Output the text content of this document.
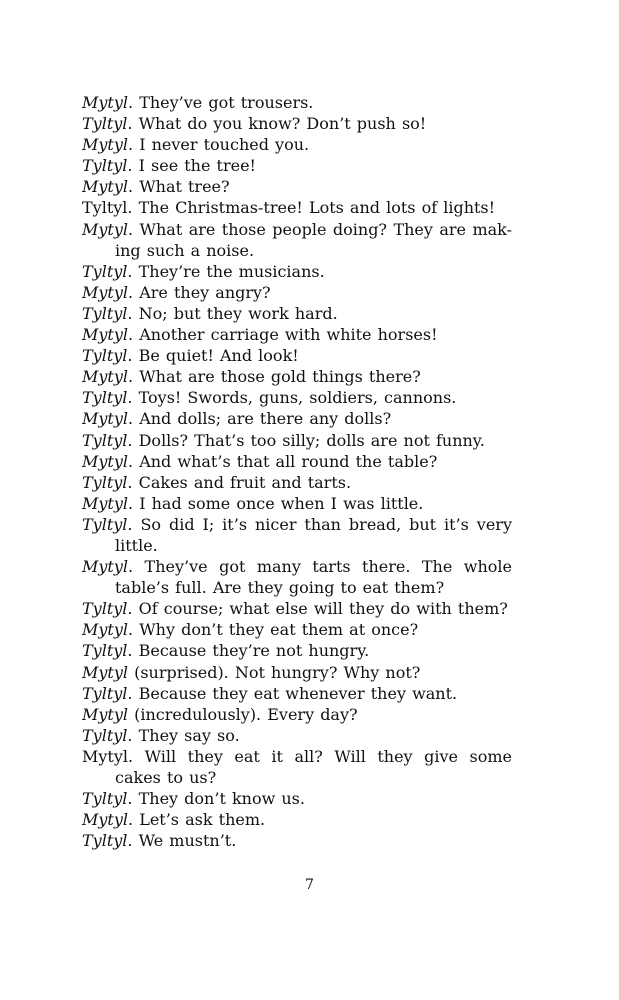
Mytyl. They’ve got trousers.
Tyltyl. What do you know? Don’t push so!
Mytyl. I never touched you.
Tyltyl. I see the tree!
Mytyl. What tree?
Tyltyl. The Christmas-tree! Lots and lots of lights!
Mytyl. What are those people doing? They are mak-ing such a noise.
Tyltyl. They’re the musicians.
Mytyl. Are they angry?
Tyltyl. No; but they work hard.
Mytyl. Another carriage with white horses!
Tyltyl. Be quiet! And look!
Mytyl. What are those gold things there?
Tyltyl. Toys! Swords, guns, soldiers, cannons.
Mytyl. And dolls; are there any dolls?
Tyltyl. Dolls? That’s too silly; dolls are not funny.
Mytyl. And what’s that all round the table?
Tyltyl. Cakes and fruit and tarts.
Mytyl. I had some once when I was little.
Tyltyl. So did I; it’s nicer than bread, but it’s very little.
Mytyl. They’ve got many tarts there. The whole table’s full. Are they going to eat them?
Tyltyl. Of course; what else will they do with them?
Mytyl. Why don’t they eat them at once?
Tyltyl. Because they’re not hungry.
Mytyl (surprised). Not hungry? Why not?
Tyltyl. Because they eat whenever they want.
Mytyl (incredulously). Every day?
Tyltyl. They say so.
Mytyl. Will they eat it all? Will they give some cakes to us?
Tyltyl. They don’t know us.
Mytyl. Let’s ask them.
Tyltyl. We mustn’t.
7
